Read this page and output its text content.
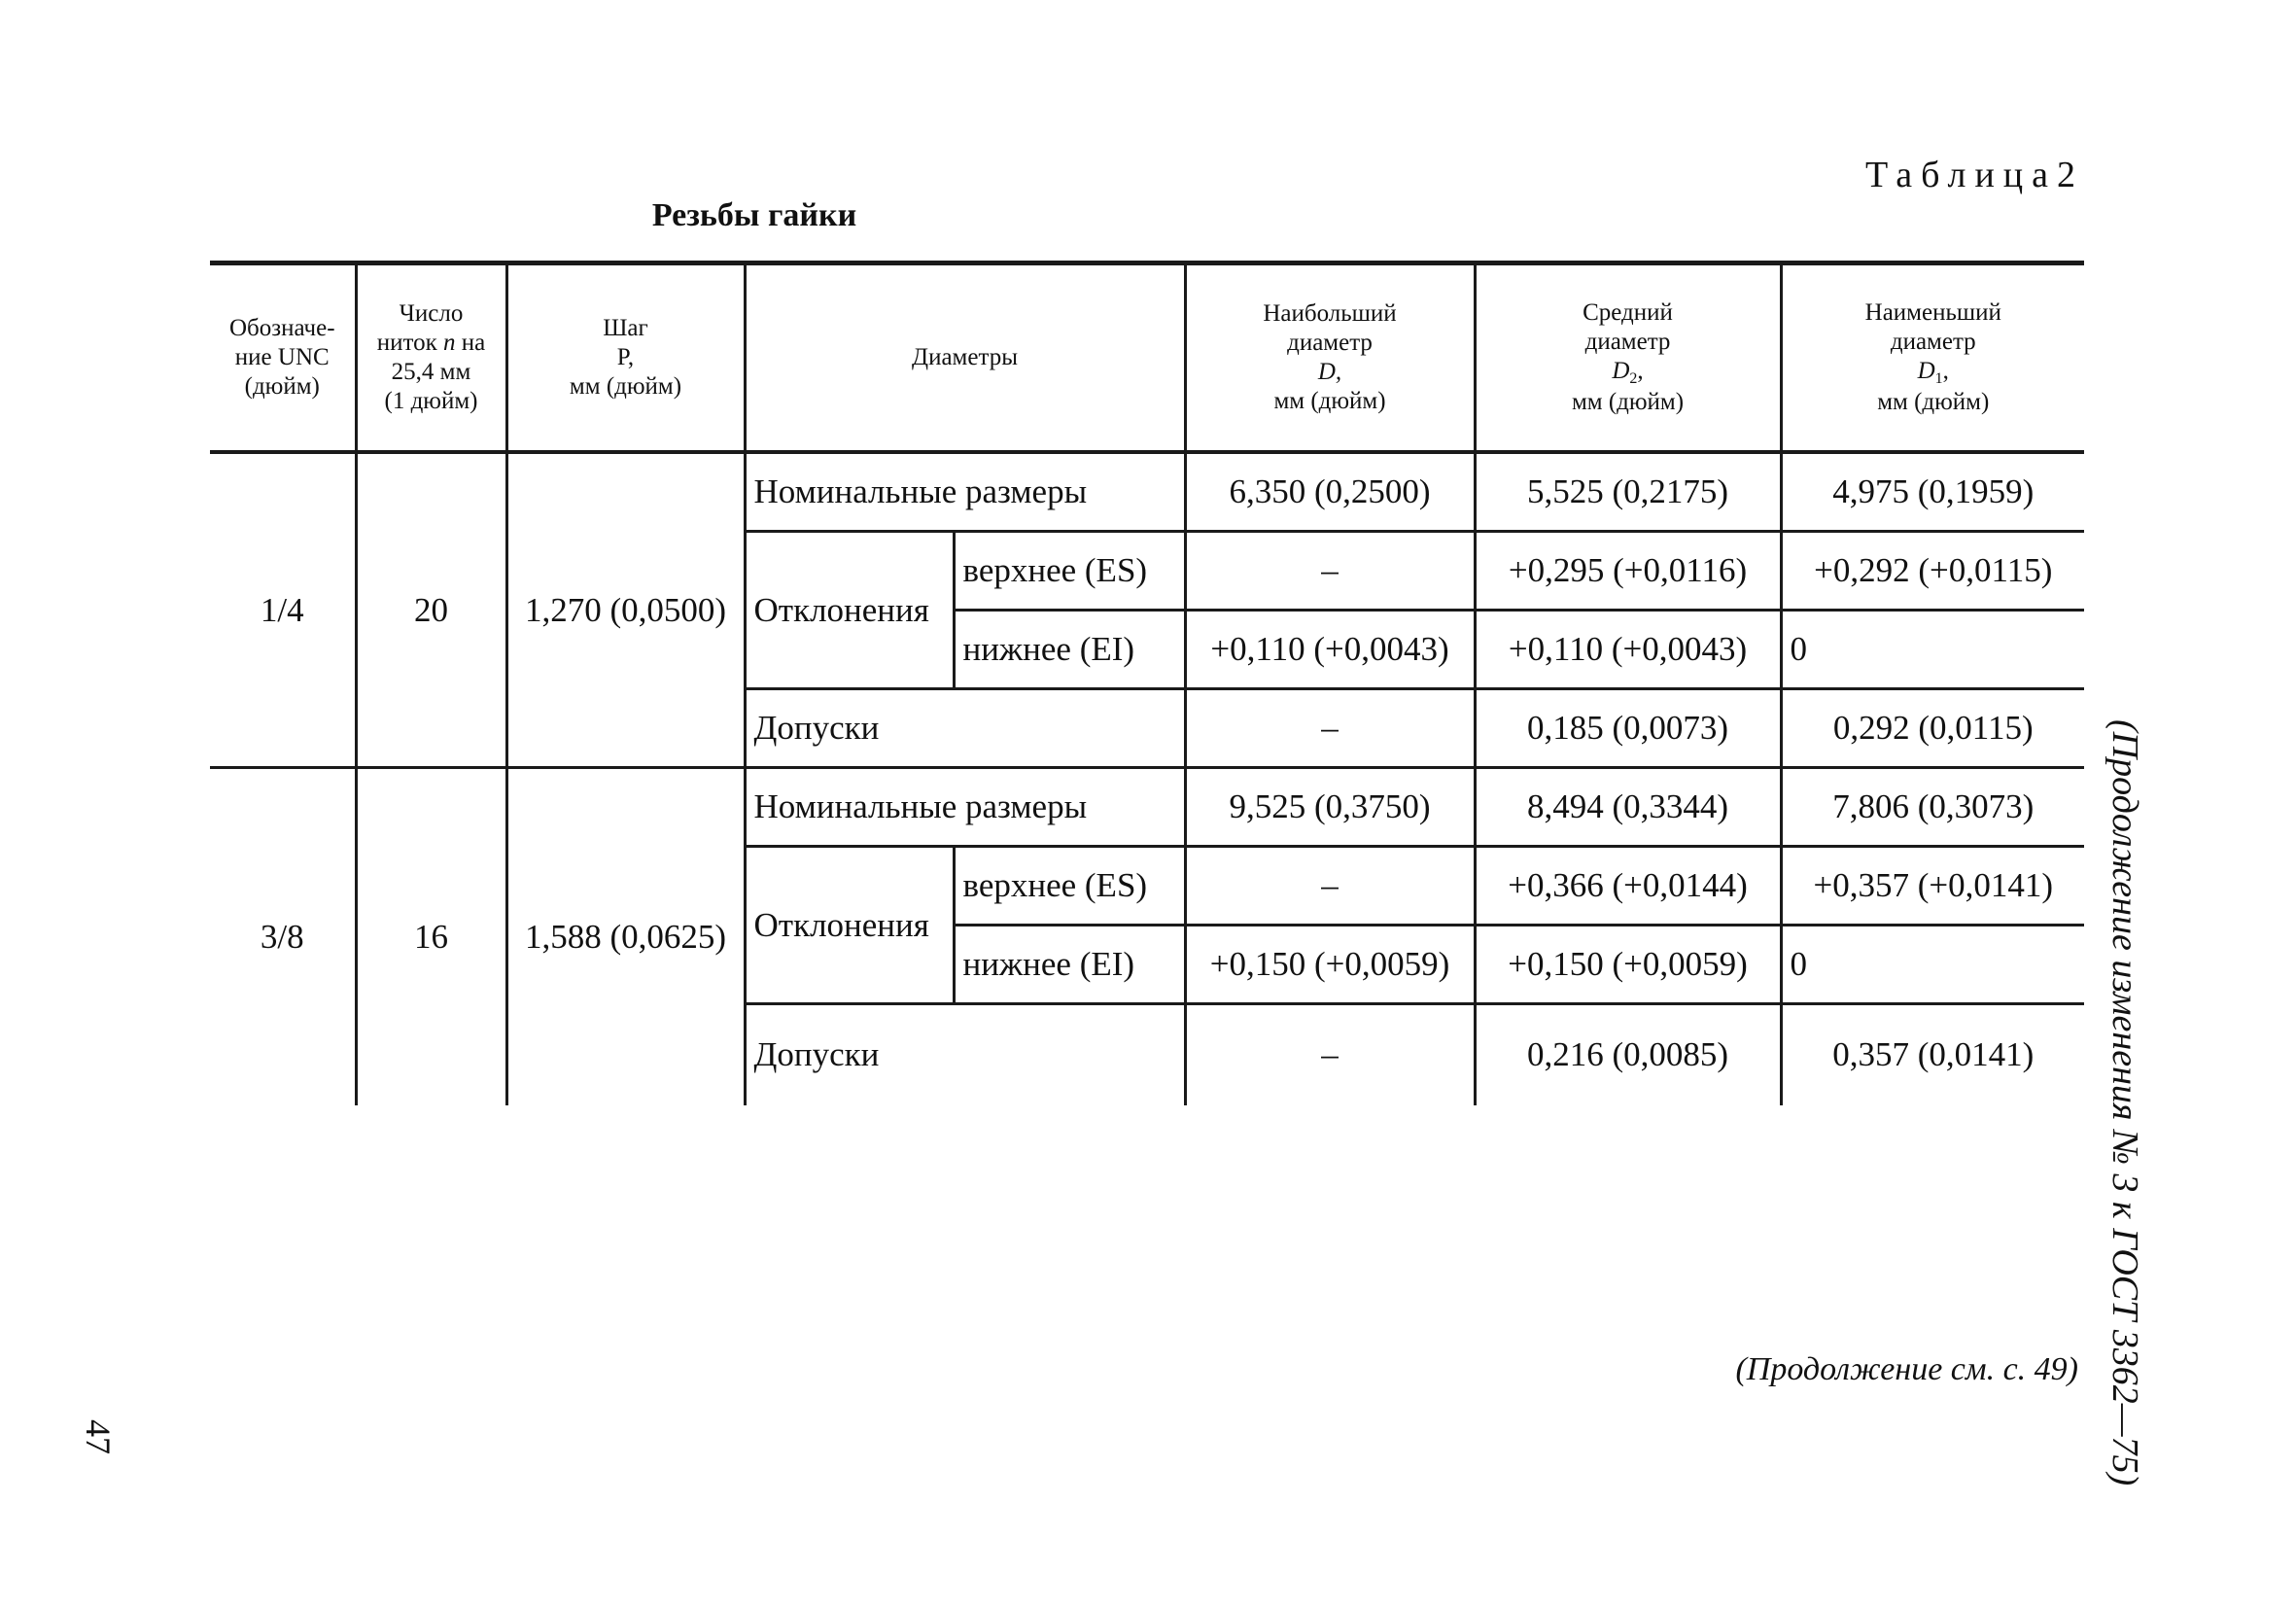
Таблица2
Резьбы гайки
Обозначе-
ние UNC
(дюйм)	Число
ниток n на
25,4 мм
(1 дюйм)	Шаг
P,
мм (дюйм)	Диаметры		Наибольший
диаметр
D,
мм (дюйм)	Средний
диаметр
$D_2$,
мм (дюйм)	Наименьший
диаметр
$D_1$,
мм (дюйм)
1/4	20	1,270 (0,0500)	Номинальные размеры		6,350 (0,2500)	5,525 (0,2175)	4,975 (0,1959)
			Отклонения	верхнее (ES)	–	+0,295 (+0,0116)	+0,292 (+0,0115)
				нижнее (EI)	+0,110 (+0,0043)	+0,110 (+0,0043)	0
			Допуски		–	0,185 (0,0073)	0,292 (0,0115)
3/8	16	1,588 (0,0625)	Номинальные размеры		9,525 (0,3750)	8,494 (0,3344)	7,806 (0,3073)
			Отклонения	верхнее (ES)	–	+0,366 (+0,0144)	+0,357 (+0,0141)
				нижнее (EI)	+0,150 (+0,0059)	+0,150 (+0,0059)	0
			Допуски		–	0,216 (0,0085)	0,357 (0,0141) (Продолжение изменения № 3 к ГОСТ 3362—75)
(Продолжение см. с. 49)
47
